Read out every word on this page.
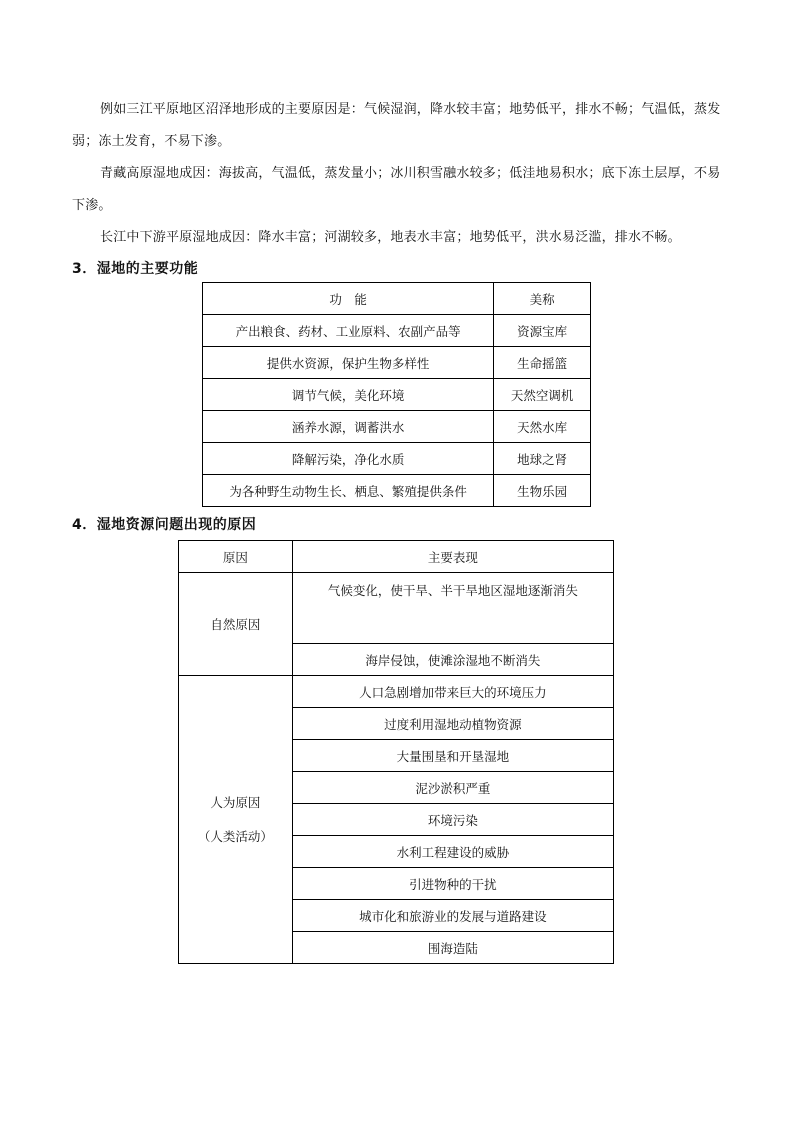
例如三江平原地区沼泽地形成的主要原因是：气候湿润，降水较丰富；地势低平，排水不畅；气温低，蒸发弱；冻土发育，不易下渗。
青藏高原湿地成因：海拔高，气温低，蒸发量小；冰川积雪融水较多；低洼地易积水；底下冻土层厚，不易下渗。
长江中下游平原湿地成因：降水丰富；河湖较多，地表水丰富；地势低平，洪水易泛滥，排水不畅。
3．湿地的主要功能
功　能	美称
产出粮食、药材、工业原料、农副产品等	资源宝库
提供水资源，保护生物多样性	生命摇篮
调节气候，美化环境	天然空调机
涵养水源，调蓄洪水	天然水库
降解污染，净化水质	地球之肾
为各种野生动物生长、栖息、繁殖提供条件	生物乐园
4．湿地资源问题出现的原因
原因	主要表现
自然原因	气候变化，使干旱、半干旱地区湿地逐渐消失
	海岸侵蚀，使滩涂湿地不断消失

人为原因
（人类活动）	人口急剧增加带来巨大的环境压力
	过度利用湿地动植物资源
	大量围垦和开垦湿地
	泥沙淤积严重
	环境污染
	水利工程建设的威胁
	引进物种的干扰
	城市化和旅游业的发展与道路建设
	围海造陆
